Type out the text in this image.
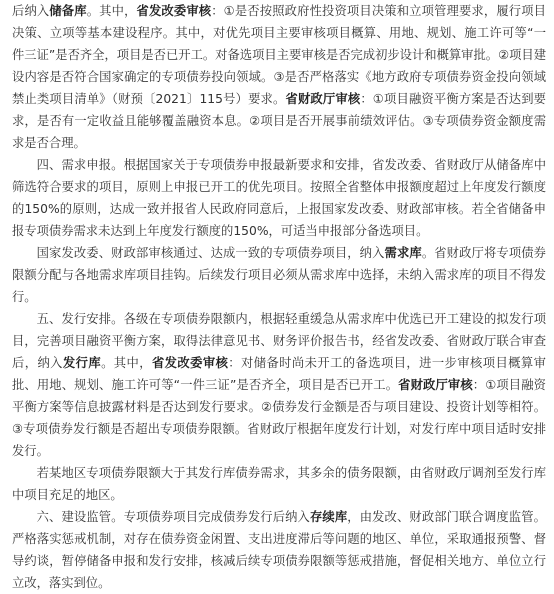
后纳入储备库。其中，省发改委审核：①是否按照政府性投资项目决策和立项管理要求，履行项目决策、立项等基本建设程序。其中，对优先项目主要审核项目概算、用地、规划、施工许可等“一件三证”是否齐全，项目是否已开工。对备选项目主要审核是否完成初步设计和概算审批。②项目建设内容是否符合国家确定的专项债券投向领域。③是否严格落实《地方政府专项债券资金投向领域禁止类项目清单》（财预〔2021〕115号）要求。省财政厅审核：①项目融资平衡方案是否达到要求，是否有一定收益且能够覆盖融资本息。②项目是否开展事前绩效评估。③专项债券资金额度需求是否合理。

四、需求申报。根据国家关于专项债券申报最新要求和安排，省发改委、省财政厅从储备库中筛选符合要求的项目，原则上申报已开工的优先项目。按照全省整体申报额度超过上年度发行额度的150%的原则，达成一致并报省人民政府同意后，上报国家发改委、财政部审核。若全省储备申报专项债券需求未达到上年度发行额度的150%，可适当申报部分备选项目。

国家发改委、财政部审核通过、达成一致的专项债券项目，纳入需求库。省财政厅将专项债券限额分配与各地需求库项目挂钩。后续发行项目必须从需求库中选择，未纳入需求库的项目不得发行。

五、发行安排。各级在专项债券限额内，根据轻重缓急从需求库中优选已开工建设的拟发行项目，完善项目融资平衡方案，取得法律意见书、财务评价报告书，经省发改委、省财政厅联合审查后，纳入发行库。其中，省发改委审核：对储备时尚未开工的备选项目，进一步审核项目概算审批、用地、规划、施工许可等“一件三证”是否齐全，项目是否已开工。省财政厅审核：①项目融资平衡方案等信息披露材料是否达到发行要求。②债券发行金额是否与项目建设、投资计划等相符。③专项债券发行额是否超出专项债券限额。省财政厅根据年度发行计划，对发行库中项目适时安排发行。

若某地区专项债券限额大于其发行库债券需求，其多余的债务限额，由省财政厅调剂至发行库中项目充足的地区。

六、建设监管。专项债券项目完成债券发行后纳入存续库，由发改、财政部门联合调度监管。严格落实惩戒机制，对存在债券资金闲置、支出进度滞后等问题的地区、单位，采取通报预警、督导约谈，暂停储备申报和发行安排，核减后续专项债券限额等惩戒措施，督促相关地方、单位立行立改，落实到位。
